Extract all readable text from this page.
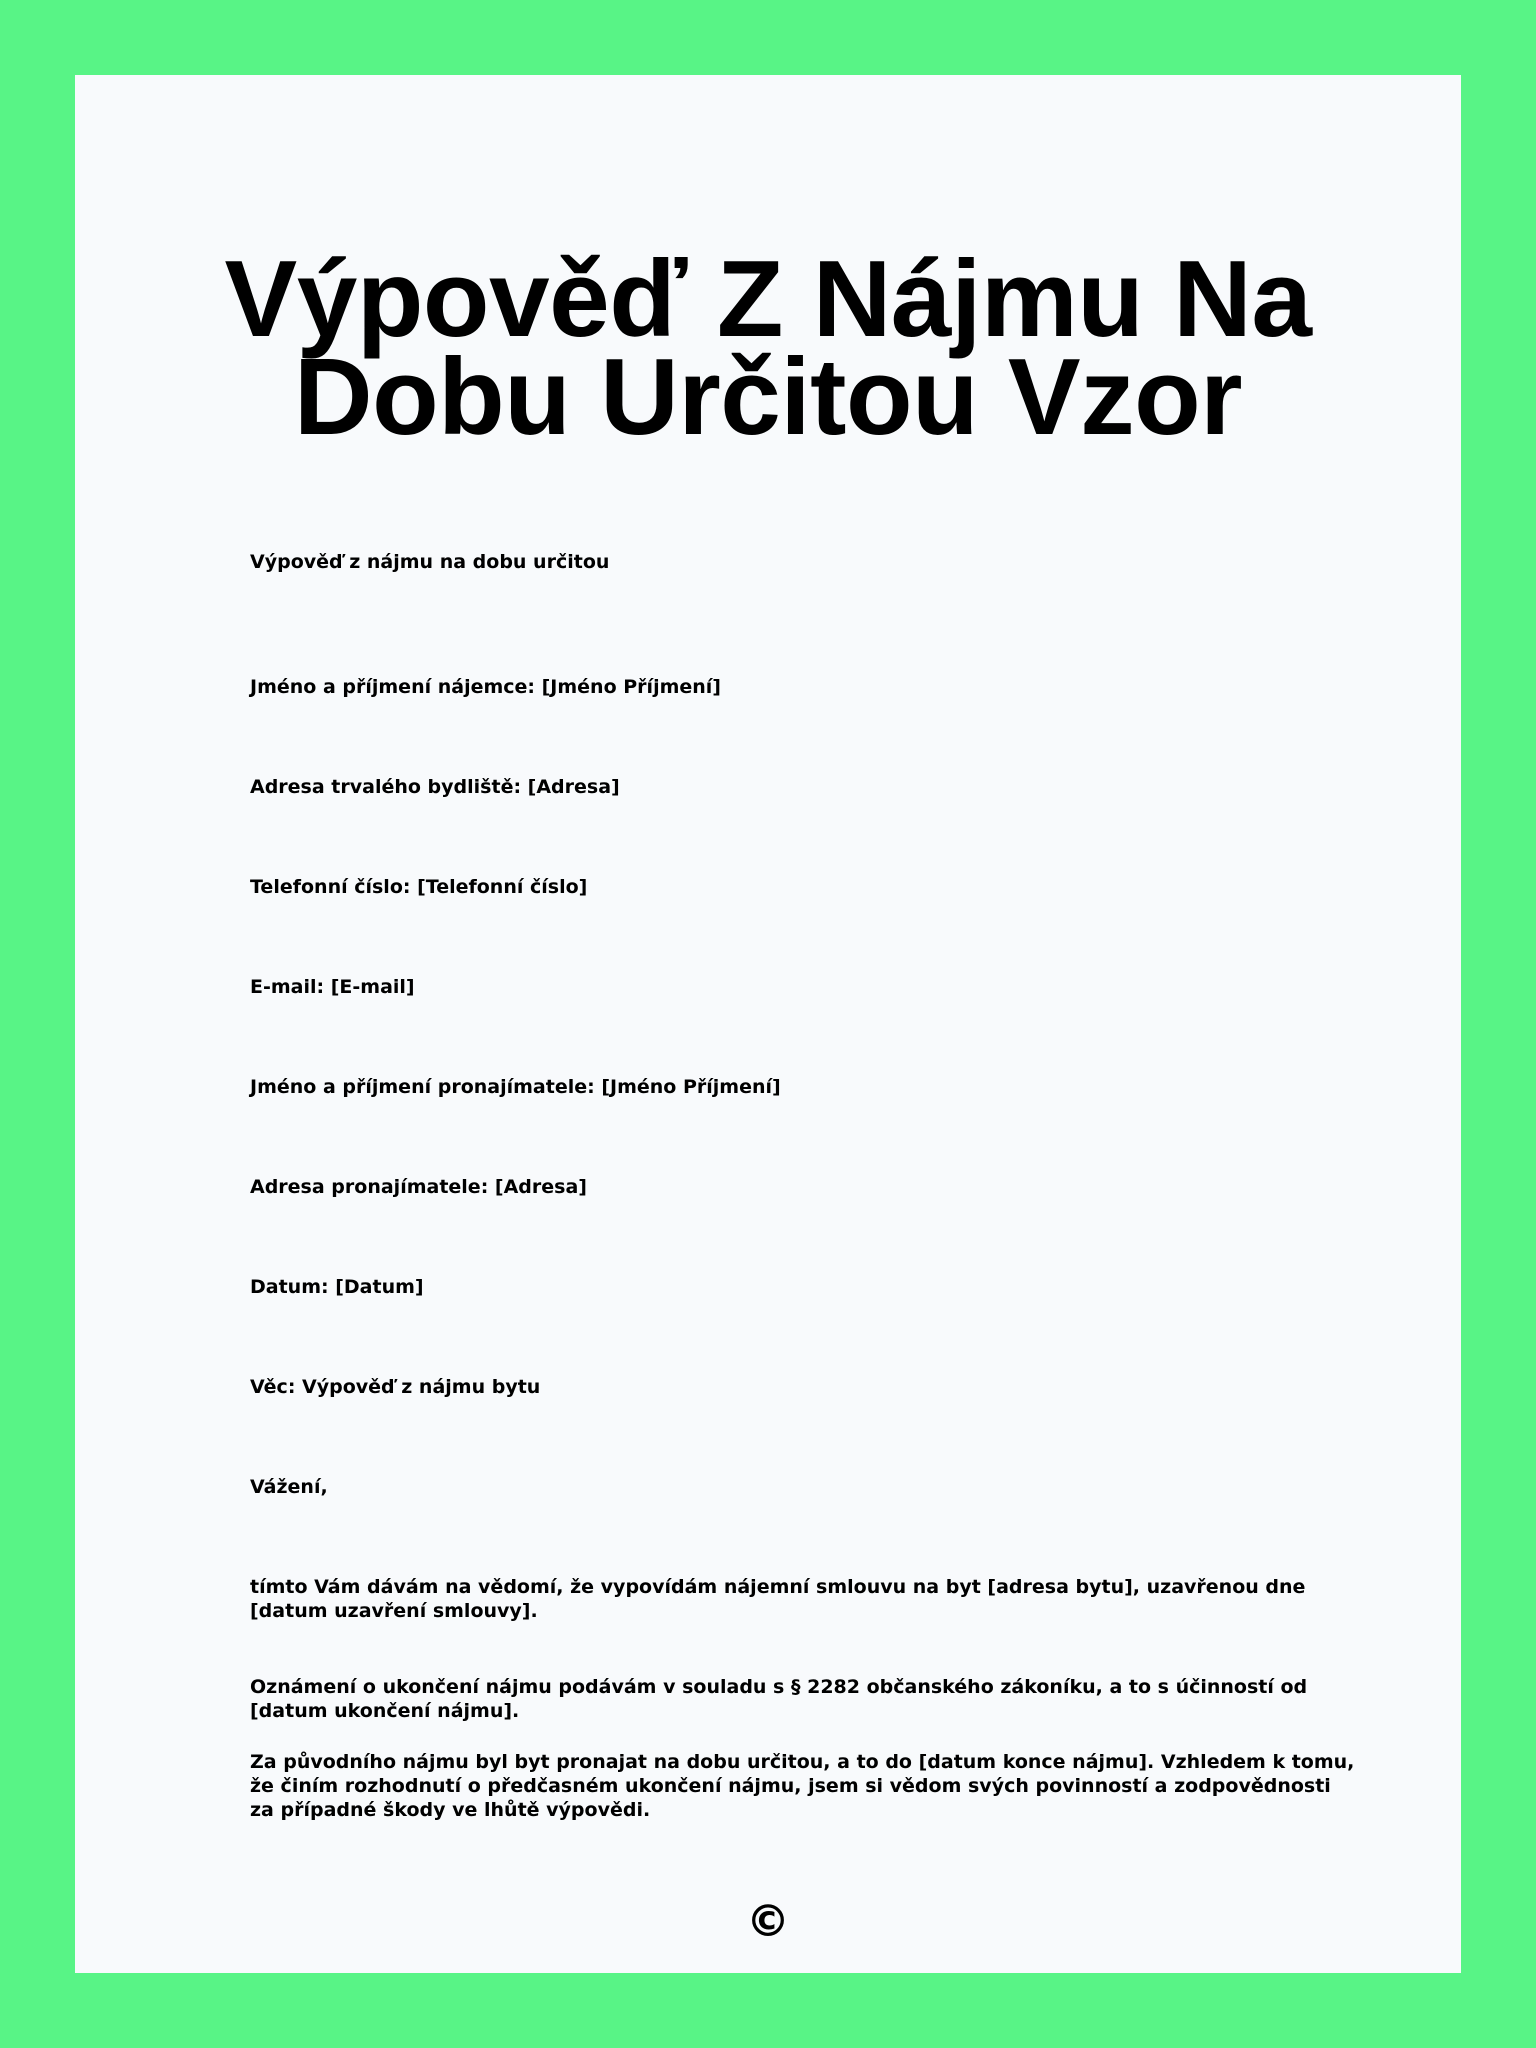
Výpověď Z Nájmu Na Dobu Určitou Vzor

Výpověď z nájmu na dobu určitou

Jméno a příjmení nájemce: [Jméno Příjmení]

Adresa trvalého bydliště: [Adresa]

Telefonní číslo: [Telefonní číslo]

E-mail: [E-mail]

Jméno a příjmení pronajímatele: [Jméno Příjmení]

Adresa pronajímatele: [Adresa]

Datum: [Datum]

Věc: Výpověď z nájmu bytu

Vážení,

tímto Vám dávám na vědomí, že vypovídám nájemní smlouvu na byt [adresa bytu], uzavřenou dne [datum uzavření smlouvy].

Oznámení o ukončení nájmu podávám v souladu s § 2282 občanského zákoníku, a to s účinností od [datum ukončení nájmu].

Za původního nájmu byl byt pronajat na dobu určitou, a to do [datum konce nájmu]. Vzhledem k tomu, že činím rozhodnutí o předčasném ukončení nájmu, jsem si vědom svých povinností a zodpovědnosti za případné škody ve lhůtě výpovědi.

©
